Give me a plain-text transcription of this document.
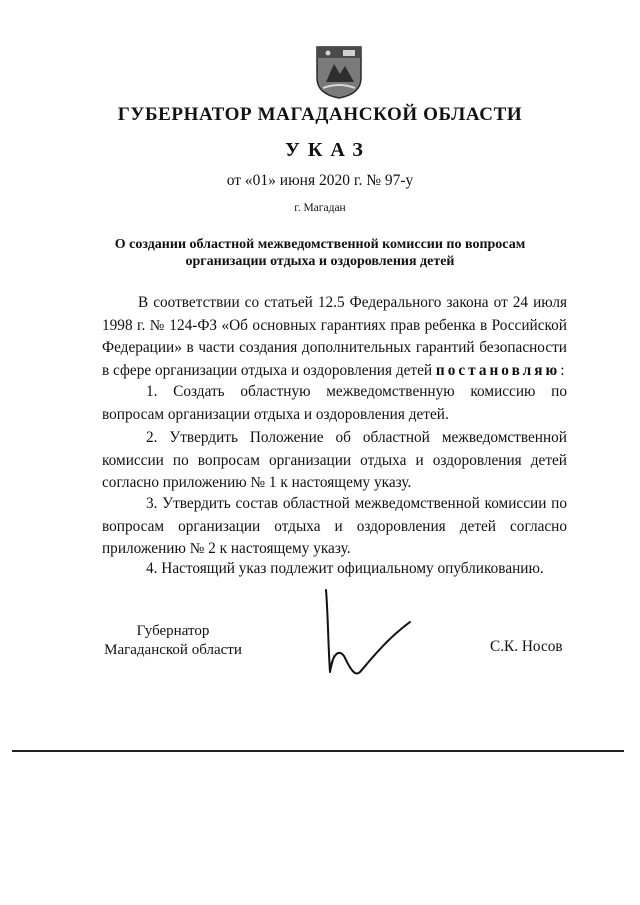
ГУБЕРНАТОР МАГАДАНСКОЙ ОБЛАСТИ
УКАЗ
от «01» июня 2020 г. № 97-у
г. Магадан
О создании областной межведомственной комиссии по вопросам
организации отдыха и оздоровления детей
В соответствии со статьей 12.5 Федерального закона от 24 июля 1998 г. № 124-ФЗ «Об основных гарантиях прав ребенка в Российской Федерации» в части создания дополнительных гарантий безопасности в сфере организации отдыха и оздоровления детей постановляю:
1. Создать областную межведомственную комиссию по вопросам организации отдыха и оздоровления детей.
2. Утвердить Положение об областной межведомственной комиссии по вопросам организации отдыха и оздоровления детей согласно приложению № 1 к настоящему указу.
3. Утвердить состав областной межведомственной комиссии по вопросам организации отдыха и оздоровления детей согласно приложению № 2 к настоящему указу.
4. Настоящий указ подлежит официальному опубликованию.
Губернатор
Магаданской области	С.К. Носов
